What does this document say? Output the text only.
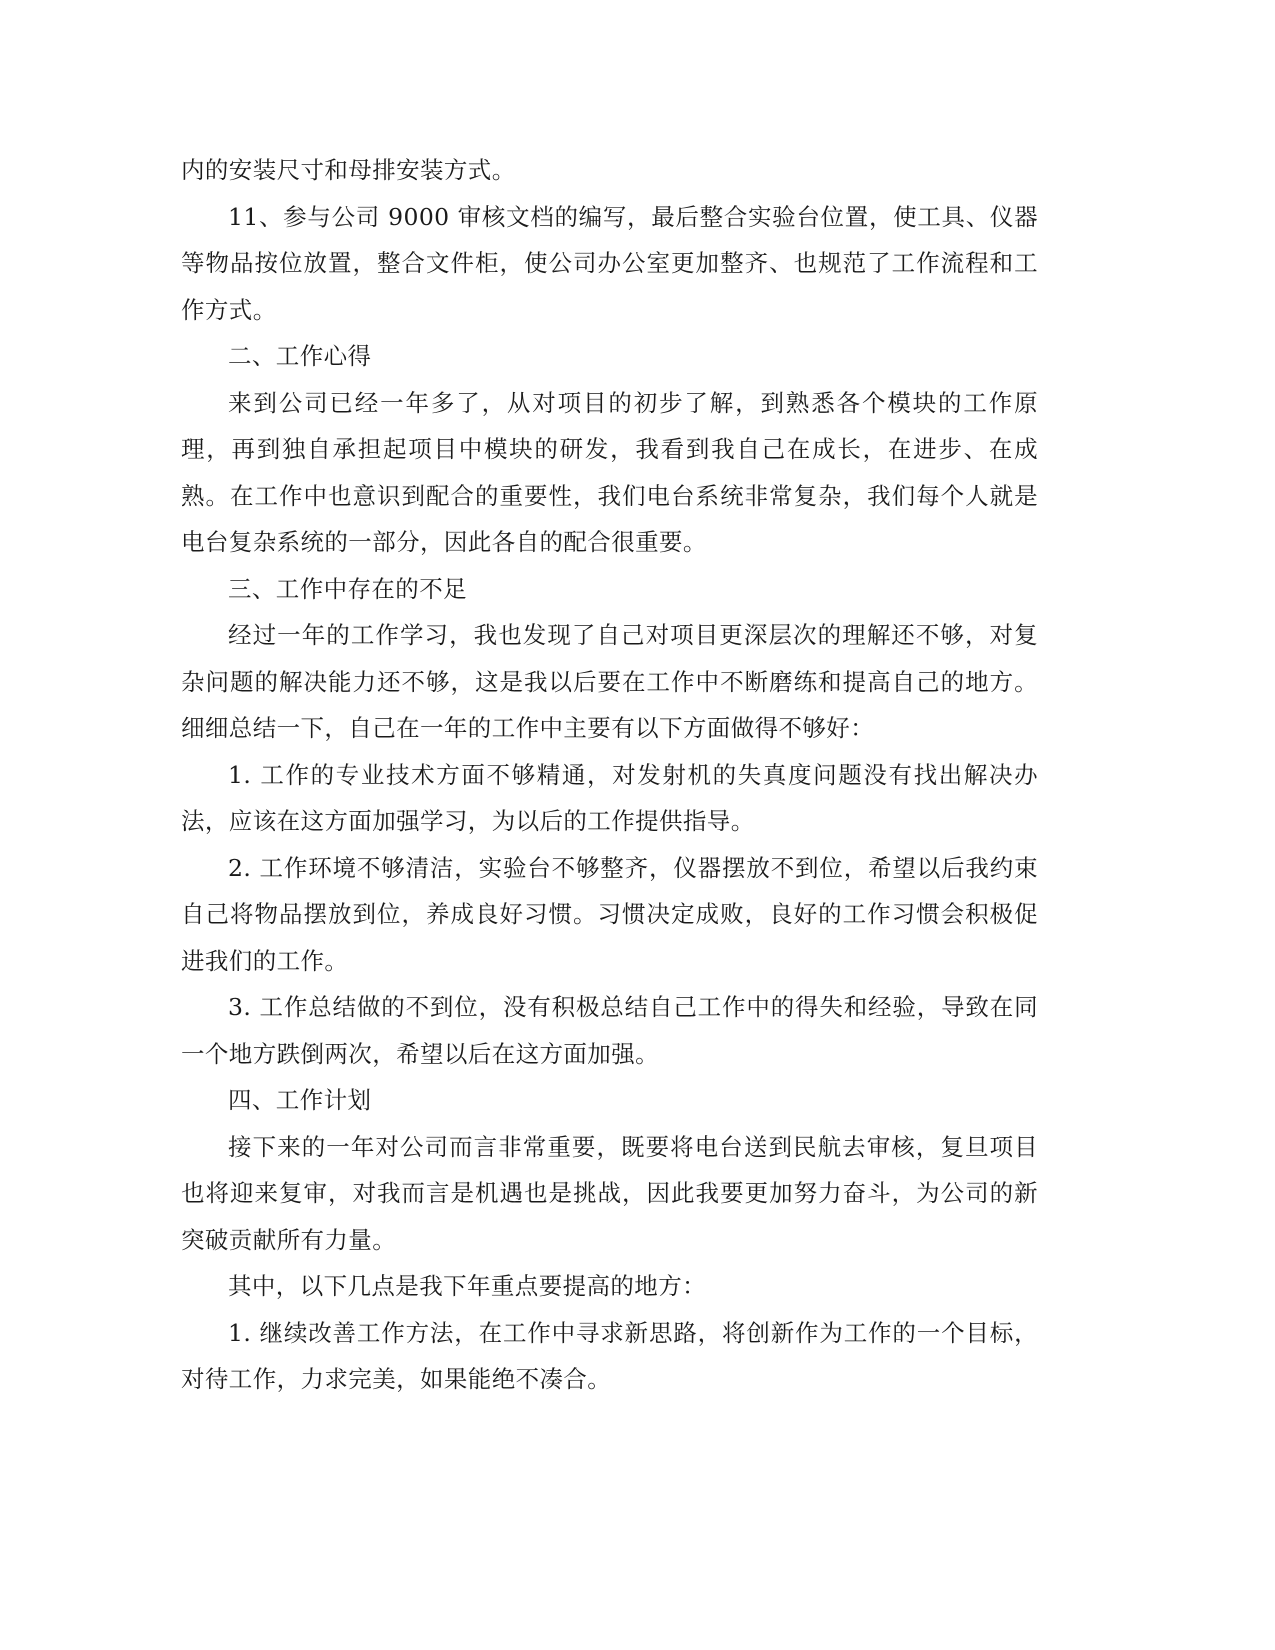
内的安装尺寸和母排安装方式。

11、参与公司 9000 审核文档的编写，最后整合实验台位置，使工具、仪器等物品按位放置，整合文件柜，使公司办公室更加整齐、也规范了工作流程和工作方式。

二、工作心得

来到公司已经一年多了，从对项目的初步了解，到熟悉各个模块的工作原理，再到独自承担起项目中模块的研发，我看到我自己在成长，在进步、在成熟。在工作中也意识到配合的重要性，我们电台系统非常复杂，我们每个人就是电台复杂系统的一部分，因此各自的配合很重要。

三、工作中存在的不足

经过一年的工作学习，我也发现了自己对项目更深层次的理解还不够，对复杂问题的解决能力还不够，这是我以后要在工作中不断磨练和提高自己的地方。细细总结一下，自己在一年的工作中主要有以下方面做得不够好：

1. 工作的专业技术方面不够精通，对发射机的失真度问题没有找出解决办法，应该在这方面加强学习，为以后的工作提供指导。

2. 工作环境不够清洁，实验台不够整齐，仪器摆放不到位，希望以后我约束自己将物品摆放到位，养成良好习惯。习惯决定成败，良好的工作习惯会积极促进我们的工作。

3. 工作总结做的不到位，没有积极总结自己工作中的得失和经验，导致在同一个地方跌倒两次，希望以后在这方面加强。

四、工作计划

接下来的一年对公司而言非常重要，既要将电台送到民航去审核，复旦项目也将迎来复审，对我而言是机遇也是挑战，因此我要更加努力奋斗，为公司的新突破贡献所有力量。

其中，以下几点是我下年重点要提高的地方：

1. 继续改善工作方法，在工作中寻求新思路，将创新作为工作的一个目标，对待工作，力求完美，如果能绝不凑合。
